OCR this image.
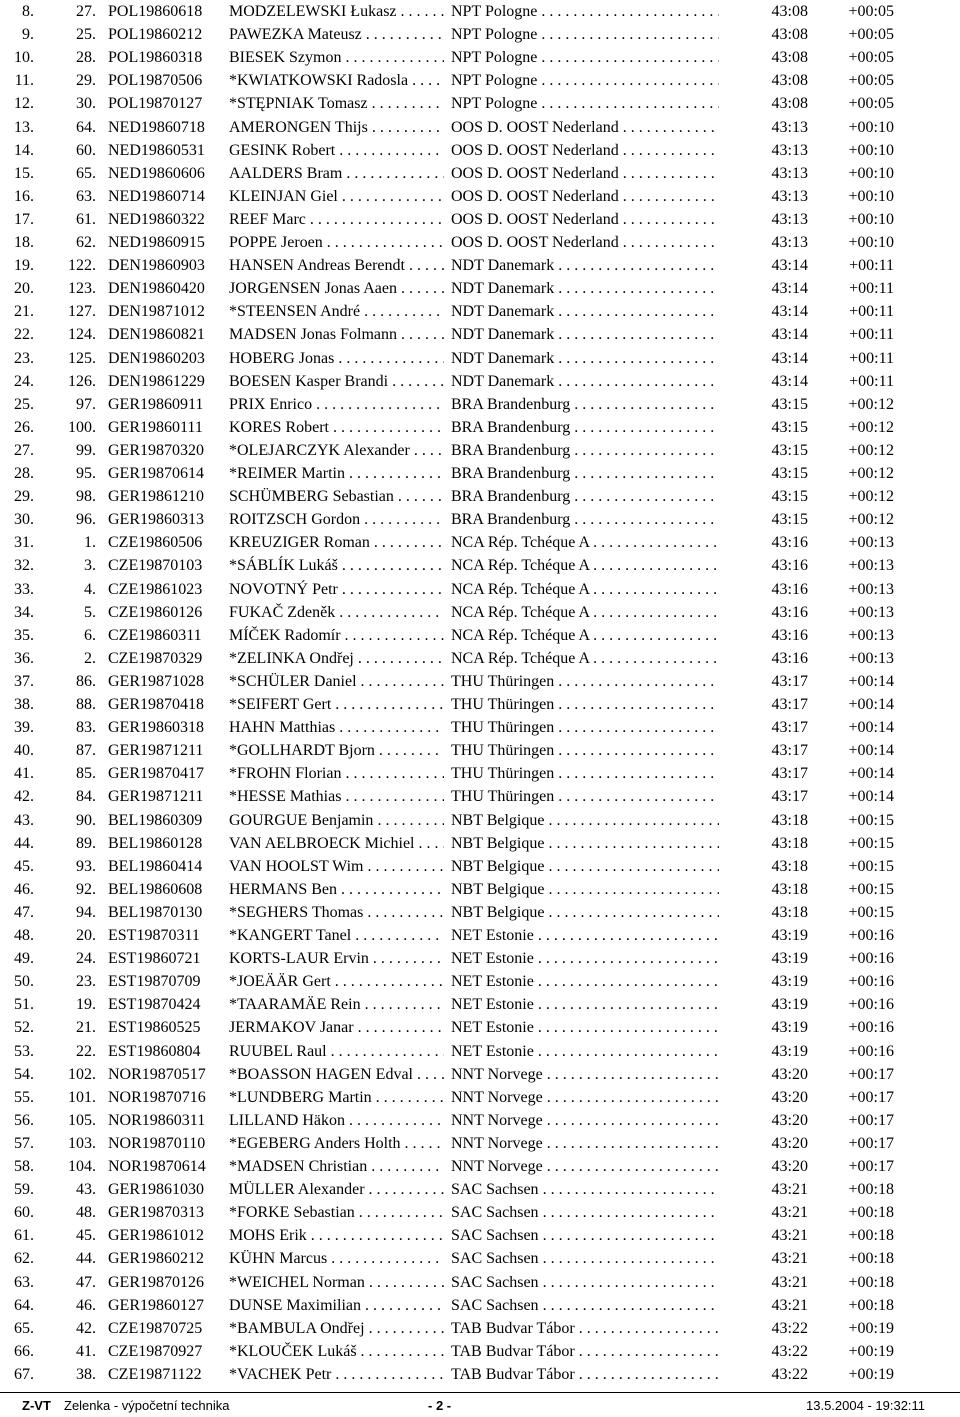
8.	27. POL19860618	MODZELEWSKI Łukasz . . .	NPT Pologne . . .	43:08	+00:05
9.	25. POL19860212	PAWEZKA Mateusz . . .	NPT Pologne . . .	43:08	+00:05
10.	28. POL19860318	BIESEK Szymon . . .	NPT Pologne . . .	43:08	+00:05
11.	29. POL19870506	*KWIATKOWSKI Radosla . . .	NPT Pologne . . .	43:08	+00:05
12.	30. POL19870127	*STĘPNIAK Tomasz . . .	NPT Pologne . . .	43:08	+00:05
13.	64. NED19860718	AMERONGEN Thijs . . .	OOS D. OOST Nederland . . .	43:13	+00:10
14.	60. NED19860531	GESINK Robert . . .	OOS D. OOST Nederland . . .	43:13	+00:10
15.	65. NED19860606	AALDERS Bram . . .	OOS D. OOST Nederland . . .	43:13	+00:10
16.	63. NED19860714	KLEINJAN Giel . . .	OOS D. OOST Nederland . . .	43:13	+00:10
17.	61. NED19860322	REEF Marc . . .	OOS D. OOST Nederland . . .	43:13	+00:10
18.	62. NED19860915	POPPE Jeroen . . .	OOS D. OOST Nederland . . .	43:13	+00:10
19.	122. DEN19860903	HANSEN Andreas Berendt . . .	NDT Danemark . . .	43:14	+00:11
20.	123. DEN19860420	JORGENSEN Jonas Aaen . . .	NDT Danemark . . .	43:14	+00:11
21.	127. DEN19871012	*STEENSEN André . . .	NDT Danemark . . .	43:14	+00:11
22.	124. DEN19860821	MADSEN Jonas Folmann . . .	NDT Danemark . . .	43:14	+00:11
23.	125. DEN19860203	HOBERG Jonas . . .	NDT Danemark . . .	43:14	+00:11
24.	126. DEN19861229	BOESEN Kasper Brandi . . .	NDT Danemark . . .	43:14	+00:11
25.	97. GER19860911	PRIX Enrico . . .	BRA Brandenburg . . .	43:15	+00:12
26.	100. GER19860111	KORES Robert . . .	BRA Brandenburg . . .	43:15	+00:12
27.	99. GER19870320	*OLEJARCZYK Alexander . . .	BRA Brandenburg . . .	43:15	+00:12
28.	95. GER19870614	*REIMER Martin . . .	BRA Brandenburg . . .	43:15	+00:12
29.	98. GER19861210	SCHÜMBERG Sebastian . . .	BRA Brandenburg . . .	43:15	+00:12
30.	96. GER19860313	ROITZSCH Gordon . . .	BRA Brandenburg . . .	43:15	+00:12
31.	1. CZE19860506	KREUZIGER Roman . . .	NCA Rép. Tchéque A . . .	43:16	+00:13
32.	3. CZE19870103	*SÁBLÍK Lukáš . . .	NCA Rép. Tchéque A . . .	43:16	+00:13
33.	4. CZE19861023	NOVOTNÝ Petr . . .	NCA Rép. Tchéque A . . .	43:16	+00:13
34.	5. CZE19860126	FUKAČ Zdeněk . . .	NCA Rép. Tchéque A . . .	43:16	+00:13
35.	6. CZE19860311	MÍČEK Radomír . . .	NCA Rép. Tchéque A . . .	43:16	+00:13
36.	2. CZE19870329	*ZELINKA Ondřej . . .	NCA Rép. Tchéque A . . .	43:16	+00:13
37.	86. GER19871028	*SCHÜLER Daniel . . .	THU Thüringen . . .	43:17	+00:14
38.	88. GER19870418	*SEIFERT Gert . . .	THU Thüringen . . .	43:17	+00:14
39.	83. GER19860318	HAHN Matthias . . .	THU Thüringen . . .	43:17	+00:14
40.	87. GER19871211	*GOLLHARDT Bjorn . . .	THU Thüringen . . .	43:17	+00:14
41.	85. GER19870417	*FROHN Florian . . .	THU Thüringen . . .	43:17	+00:14
42.	84. GER19871211	*HESSE Mathias . . .	THU Thüringen . . .	43:17	+00:14
43.	90. BEL19860309	GOURGUE Benjamin . . .	NBT Belgique . . .	43:18	+00:15
44.	89. BEL19860128	VAN AELBROECK Michiel . . .	NBT Belgique . . .	43:18	+00:15
45.	93. BEL19860414	VAN HOOLST Wim . . .	NBT Belgique . . .	43:18	+00:15
46.	92. BEL19860608	HERMANS Ben . . .	NBT Belgique . . .	43:18	+00:15
47.	94. BEL19870130	*SEGHERS Thomas . . .	NBT Belgique . . .	43:18	+00:15
48.	20. EST19870311	*KANGERT Tanel . . .	NET Estonie . . .	43:19	+00:16
49.	24. EST19860721	KORTS-LAUR Ervin . . .	NET Estonie . . .	43:19	+00:16
50.	23. EST19870709	*JOEÄÄR Gert . . .	NET Estonie . . .	43:19	+00:16
51.	19. EST19870424	*TAARAMÄE Rein . . .	NET Estonie . . .	43:19	+00:16
52.	21. EST19860525	JERMAKOV Janar . . .	NET Estonie . . .	43:19	+00:16
53.	22. EST19860804	RUUBEL Raul . . .	NET Estonie . . .	43:19	+00:16
54.	102. NOR19870517	*BOASSON HAGEN Edval . . .	NNT Norvege . . .	43:20	+00:17
55.	101. NOR19870716	*LUNDBERG Martin . . .	NNT Norvege . . .	43:20	+00:17
56.	105. NOR19860311	LILLAND Häkon . . .	NNT Norvege . . .	43:20	+00:17
57.	103. NOR19870110	*EGEBERG Anders Holth . . .	NNT Norvege . . .	43:20	+00:17
58.	104. NOR19870614	*MADSEN Christian . . .	NNT Norvege . . .	43:20	+00:17
59.	43. GER19861030	MÜLLER Alexander . . .	SAC Sachsen . . .	43:21	+00:18
60.	48. GER19870313	*FORKE Sebastian . . .	SAC Sachsen . . .	43:21	+00:18
61.	45. GER19861012	MOHS Erik . . .	SAC Sachsen . . .	43:21	+00:18
62.	44. GER19860212	KÜHN Marcus . . .	SAC Sachsen . . .	43:21	+00:18
63.	47. GER19870126	*WEICHEL Norman . . .	SAC Sachsen . . .	43:21	+00:18
64.	46. GER19860127	DUNSE Maximilian . . .	SAC Sachsen . . .	43:21	+00:18
65.	42. CZE19870725	*BAMBULA Ondřej . . .	TAB Budvar Tábor . . .	43:22	+00:19
66.	41. CZE19870927	*KLOUČEK Lukáš . . .	TAB Budvar Tábor . . .	43:22	+00:19
67.	38. CZE19871122	*VACHEK Petr . . .	TAB Budvar Tábor . . .	43:22	+00:19
Z-VT Zelenka - výpočetní technika	- 2 -	13.5.2004 - 19:32:11
